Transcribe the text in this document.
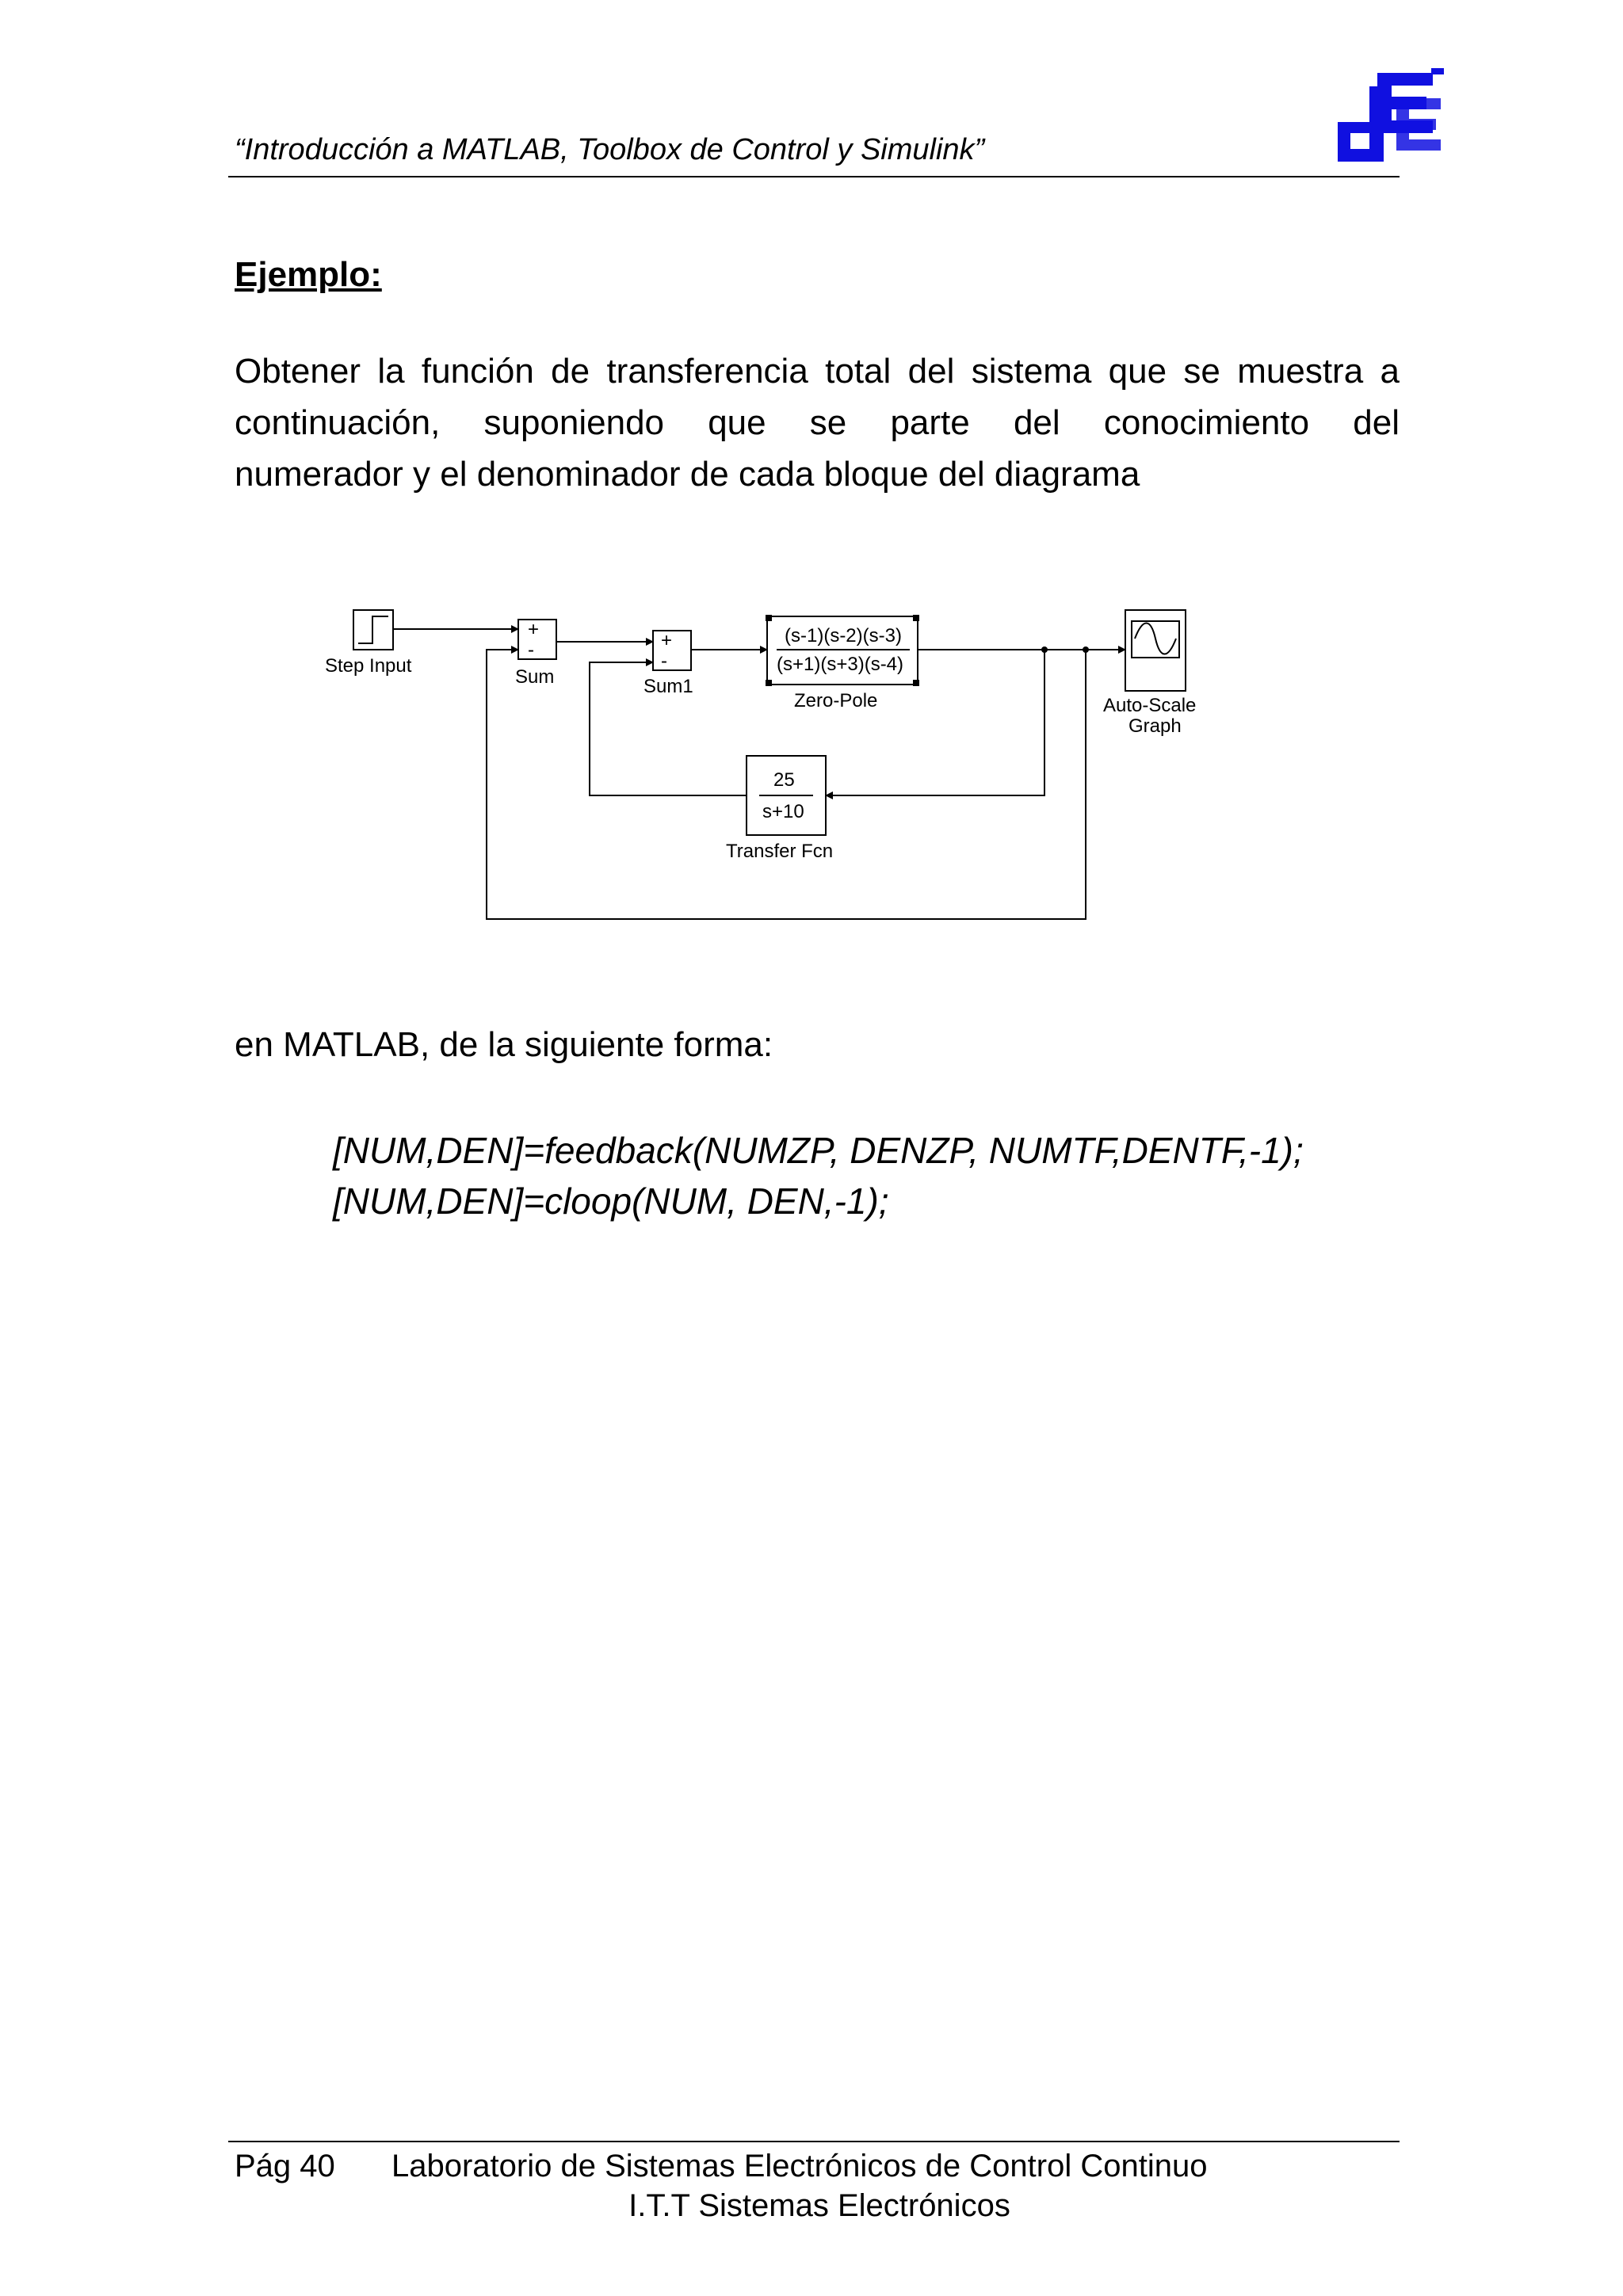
“Introducción a MATLAB, Toolbox de Control y Simulink”
Ejemplo:
Obtener la función de transferencia total del sistema que se muestra a
continuación, suponiendo que se parte del conocimiento del
numerador y el denominador de cada bloque del diagrama
Step Input
+
-
Sum
+
-
Sum1
(s-1)(s-2)(s-3)
(s+1)(s+3)(s-4)
Zero-Pole	Auto-Scale
Graph
25
s+10
Transfer Fcn
en MATLAB, de la siguiente forma:
[NUM,DEN]=feedback(NUMZP, DENZP, NUMTF,DENTF,-1);
[NUM,DEN]=cloop(NUM, DEN,-1);
Pág 40 Laboratorio de Sistemas Electrónicos de Control Continuo
I.T.T Sistemas Electrónicos
